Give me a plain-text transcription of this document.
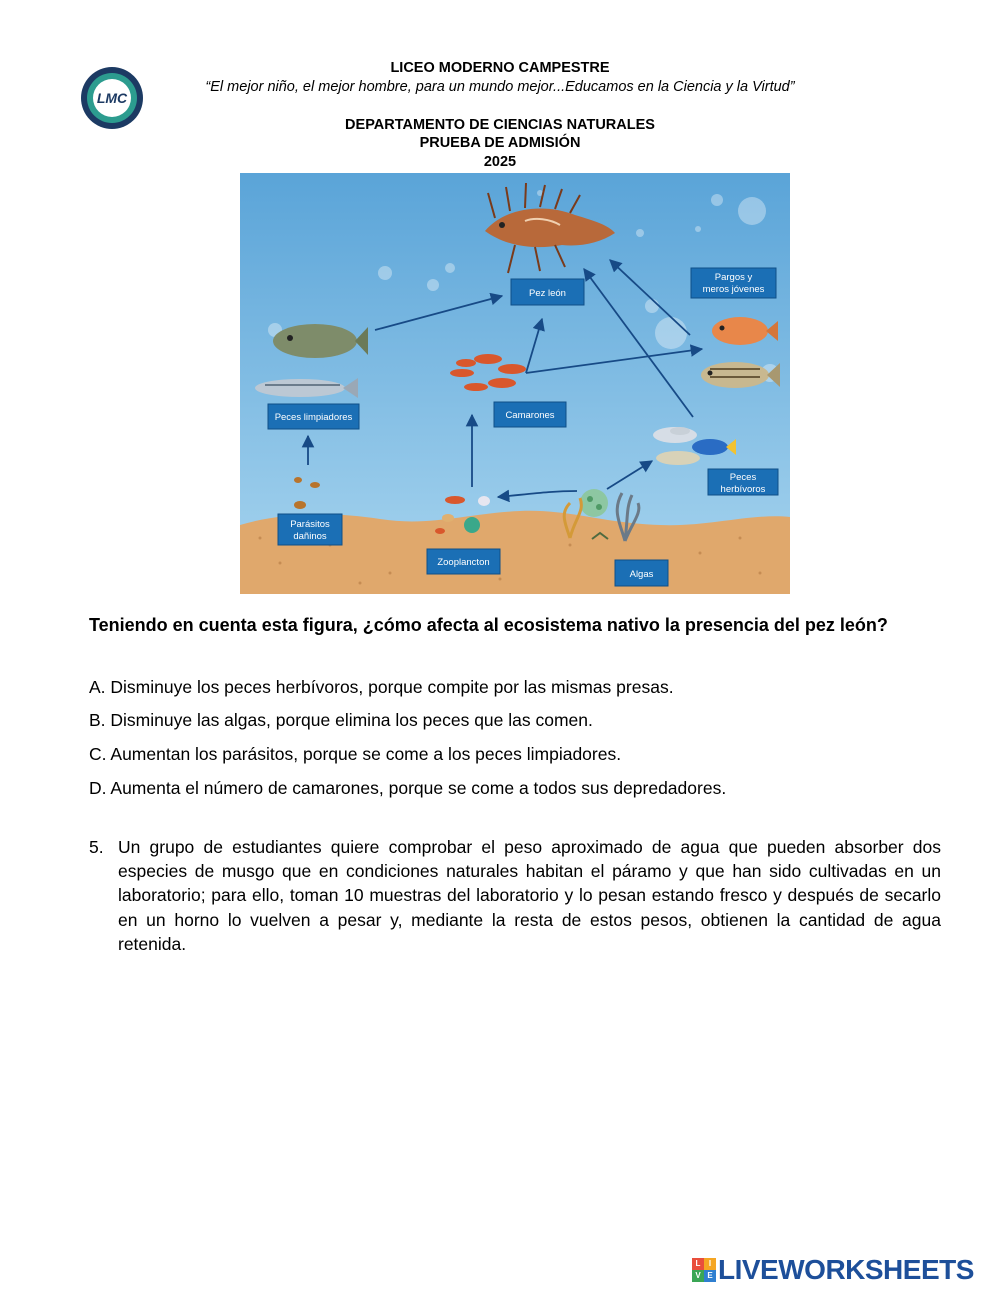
LMC
LICEO MODERNO CAMPESTRE
“El mejor niño, el mejor hombre, para un mundo mejor...Educamos en la Ciencia y la Virtud”
DEPARTAMENTO DE CIENCIAS NATURALES
PRUEBA DE ADMISIÓN
2025
Pez león
Pargos y
meros jóvenes
Peces limpiadores	Camarones
Peces
herbívoros
Parásitos
dañinos
Zooplancton
Algas
Teniendo en cuenta esta figura, ¿cómo afecta al ecosistema nativo la presencia del pez león?
A. Disminuye los peces herbívoros, porque compite por las mismas presas.
B. Disminuye las algas, porque elimina los peces que las comen.
C. Aumentan los parásitos, porque se come a los peces limpiadores.
D. Aumenta el número de camarones, porque se come a todos sus depredadores.
5. Un grupo de estudiantes quiere comprobar el peso aproximado de agua que pueden absorber dos especies de musgo que en condiciones naturales habitan el páramo y que han sido cultivadas en un laboratorio; para ello, toman 10 muestras del laboratorio y lo pesan estando fresco y después de secarlo en un horno lo vuelven a pesar y, mediante la resta de estos pesos, obtienen la cantidad de agua retenida.

L	I
V E LIVEWORKSHEETS
